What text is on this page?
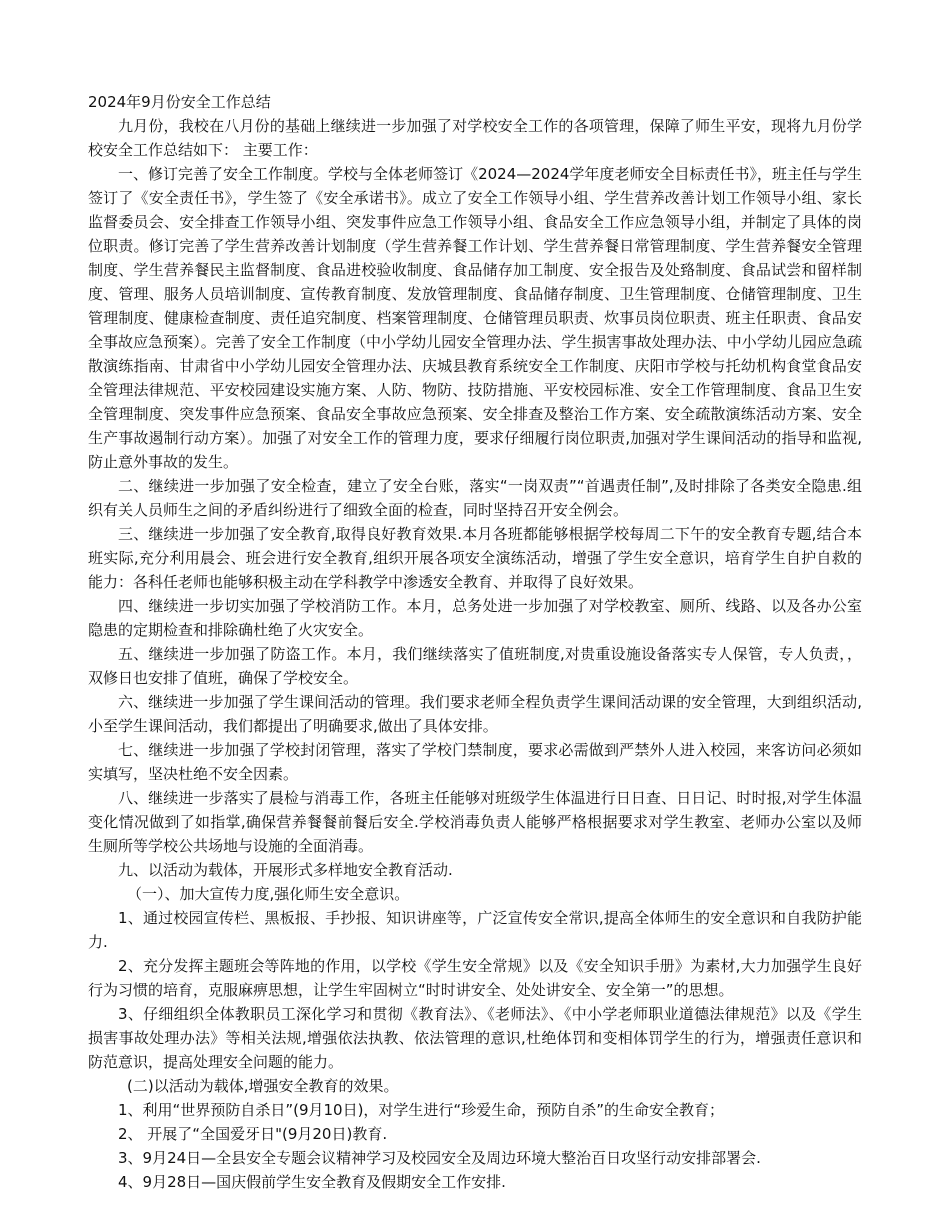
2024年9月份安全工作总结

九月份，我校在八月份的基础上继续进一步加强了对学校安全工作的各项管理，保障了师生平安，现将九月份学校安全工作总结如下： 主要工作：

一、修订完善了安全工作制度。学校与全体老师签订《2024—2024学年度老师安全目标责任书》，班主任与学生签订了《安全责任书》，学生签了《安全承诺书》。成立了安全工作领导小组、学生营养改善计划工作领导小组、家长监督委员会、安全排查工作领导小组、突发事件应急工作领导小组、食品安全工作应急领导小组，并制定了具体的岗位职责。修订完善了学生营养改善计划制度（学生营养餐工作计划、学生营养餐日常管理制度、学生营养餐安全管理制度、学生营养餐民主监督制度、食品进校验收制度、食品储存加工制度、安全报告及处臵制度、食品试尝和留样制度、管理、服务人员培训制度、宣传教育制度、发放管理制度、食品储存制度、卫生管理制度、仓储管理制度、卫生管理制度、健康检查制度、责任追究制度、档案管理制度、仓储管理员职责、炊事员岗位职责、班主任职责、食品安全事故应急预案）。完善了安全工作制度（中小学幼儿园安全管理办法、学生损害事故处理办法、中小学幼儿园应急疏散演练指南、甘肃省中小学幼儿园安全管理办法、庆城县教育系统安全工作制度、庆阳市学校与托幼机构食堂食品安全管理法律规范、平安校园建设实施方案、人防、物防、技防措施、平安校园标准、安全工作管理制度、食品卫生安全管理制度、突发事件应急预案、食品安全事故应急预案、安全排查及整治工作方案、安全疏散演练活动方案、安全生产事故遏制行动方案）。加强了对安全工作的管理力度，要求仔细履行岗位职责,加强对学生课间活动的指导和监视,防止意外事故的发生。

二、继续进一步加强了安全检查，建立了安全台账，落实“一岗双责”“首遇责任制”,及时排除了各类安全隐患.组织有关人员师生之间的矛盾纠纷进行了细致全面的检查，同时坚持召开安全例会。

三、继续进一步加强了安全教育,取得良好教育效果.本月各班都能够根据学校每周二下午的安全教育专题,结合本班实际,充分利用晨会、班会进行安全教育,组织开展各项安全演练活动，增强了学生安全意识，培育学生自护自救的能力：各科任老师也能够积极主动在学科教学中渗透安全教育、并取得了良好效果。

四、继续进一步切实加强了学校消防工作。本月，总务处进一步加强了对学校教室、厕所、线路、以及各办公室隐患的定期检查和排除确杜绝了火灾安全。

五、继续进一步加强了防盗工作。本月，我们继续落实了值班制度,对贵重设施设备落实专人保管，专人负责，，双修日也安排了值班，确保了学校安全。

六、继续进一步加强了学生课间活动的管理。我们要求老师全程负责学生课间活动课的安全管理，大到组织活动,小至学生课间活动，我们都提出了明确要求,做出了具体安排。

七、继续进一步加强了学校封闭管理，落实了学校门禁制度，要求必需做到严禁外人进入校园，来客访问必须如实填写，坚决杜绝不安全因素。

八、继续进一步落实了晨检与消毒工作，各班主任能够对班级学生体温进行日日查、日日记、时时报,对学生体温变化情况做到了如指掌,确保营养餐餐前餐后安全.学校消毒负责人能够严格根据要求对学生教室、老师办公室以及师生厕所等学校公共场地与设施的全面消毒。

九、以活动为载体，开展形式多样地安全教育活动.

（一）、加大宣传力度,强化师生安全意识。

1、通过校园宣传栏、黑板报、手抄报、知识讲座等，广泛宣传安全常识,提高全体师生的安全意识和自我防护能力.

2、充分发挥主题班会等阵地的作用，以学校《学生安全常规》以及《安全知识手册》为素材,大力加强学生良好行为习惯的培育，克服麻痹思想，让学生牢固树立“时时讲安全、处处讲安全、安全第一”的思想。

3、仔细组织全体教职员工深化学习和贯彻《教育法》、《老师法》、《中小学老师职业道德法律规范》以及《学生损害事故处理办法》等相关法规,增强依法执教、依法管理的意识,杜绝体罚和变相体罚学生的行为，增强责任意识和防范意识，提高处理安全问题的能力。

(二)以活动为载体,增强安全教育的效果。

1、利用“世界预防自杀日”(9月10日)，对学生进行“珍爱生命，预防自杀”的生命安全教育；

2、 开展了“全国爱牙日"(9月20日)教育.

3、9月24日—全县安全专题会议精神学习及校园安全及周边环境大整治百日攻坚行动安排部署会.

4、9月28日—国庆假前学生安全教育及假期安全工作安排.
